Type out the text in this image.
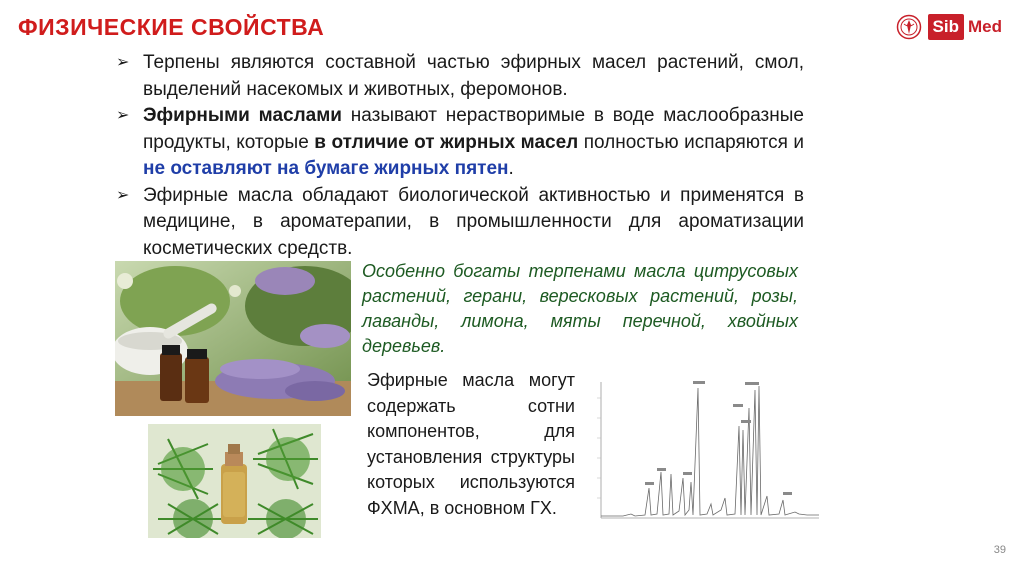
ФИЗИЧЕСКИЕ СВОЙСТВА	Sib Med
➢ Терпены являются составной частью эфирных масел растений, смол, выделений насекомых и животных, феромонов.
➢ Эфирными маслами называют нерастворимые в воде маслообразные продукты, которые в отличие от жирных масел полностью испаряются и не оставляют на бумаге жирных пятен.
➢ Эфирные масла обладают биологической активностью и применятся в медицине, в ароматерапии, в промышленности для ароматизации косметических средств.
Особенно богаты терпенами масла цитрусовых растений, герани, вересковых растений, розы, лаванды, лимона, мяты перечной, хвойных деревьев.
Эфирные масла могут содержать сотни компонентов, для установления структуры которых используются ФХМА, в основном ГХ.
39
